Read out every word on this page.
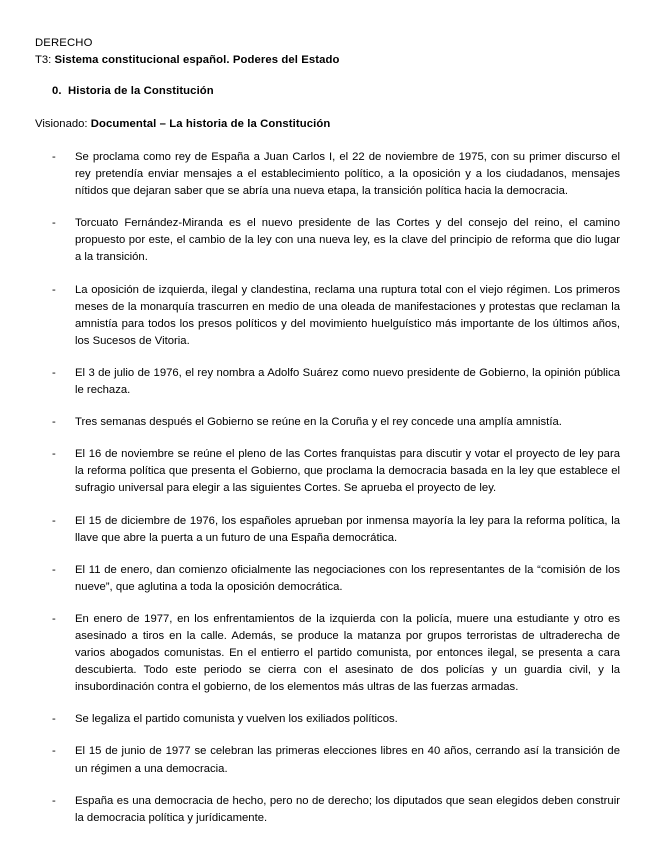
DERECHO
T3: Sistema constitucional español. Poderes del Estado
0. Historia de la Constitución
Visionado: Documental – La historia de la Constitución
- Se proclama como rey de España a Juan Carlos I, el 22 de noviembre de 1975, con su primer discurso el rey pretendía enviar mensajes a el establecimiento político, a la oposición y a los ciudadanos, mensajes nítidos que dejaran saber que se abría una nueva etapa, la transición política hacia la democracia.
- Torcuato Fernández-Miranda es el nuevo presidente de las Cortes y del consejo del reino, el camino propuesto por este, el cambio de la ley con una nueva ley, es la clave del principio de reforma que dio lugar a la transición.
- La oposición de izquierda, ilegal y clandestina, reclama una ruptura total con el viejo régimen. Los primeros meses de la monarquía trascurren en medio de una oleada de manifestaciones y protestas que reclaman la amnistía para todos los presos políticos y del movimiento huelguístico más importante de los últimos años, los Sucesos de Vitoria.
- El 3 de julio de 1976, el rey nombra a Adolfo Suárez como nuevo presidente de Gobierno, la opinión pública le rechaza.
- Tres semanas después el Gobierno se reúne en la Coruña y el rey concede una amplía amnistía.
- El 16 de noviembre se reúne el pleno de las Cortes franquistas para discutir y votar el proyecto de ley para la reforma política que presenta el Gobierno, que proclama la democracia basada en la ley que establece el sufragio universal para elegir a las siguientes Cortes. Se aprueba el proyecto de ley.
- El 15 de diciembre de 1976, los españoles aprueban por inmensa mayoría la ley para la reforma política, la llave que abre la puerta a un futuro de una España democrática.
- El 11 de enero, dan comienzo oficialmente las negociaciones con los representantes de la “comisión de los nueve”, que aglutina a toda la oposición democrática.
- En enero de 1977, en los enfrentamientos de la izquierda con la policía, muere una estudiante y otro es asesinado a tiros en la calle. Además, se produce la matanza por grupos terroristas de ultraderecha de varios abogados comunistas. En el entierro el partido comunista, por entonces ilegal, se presenta a cara descubierta. Todo este periodo se cierra con el asesinato de dos policías y un guardia civil, y la insubordinación contra el gobierno, de los elementos más ultras de las fuerzas armadas.
- Se legaliza el partido comunista y vuelven los exiliados políticos.
- El 15 de junio de 1977 se celebran las primeras elecciones libres en 40 años, cerrando así la transición de un régimen a una democracia.
- España es una democracia de hecho, pero no de derecho; los diputados que sean elegidos deben construir la democracia política y jurídicamente.
